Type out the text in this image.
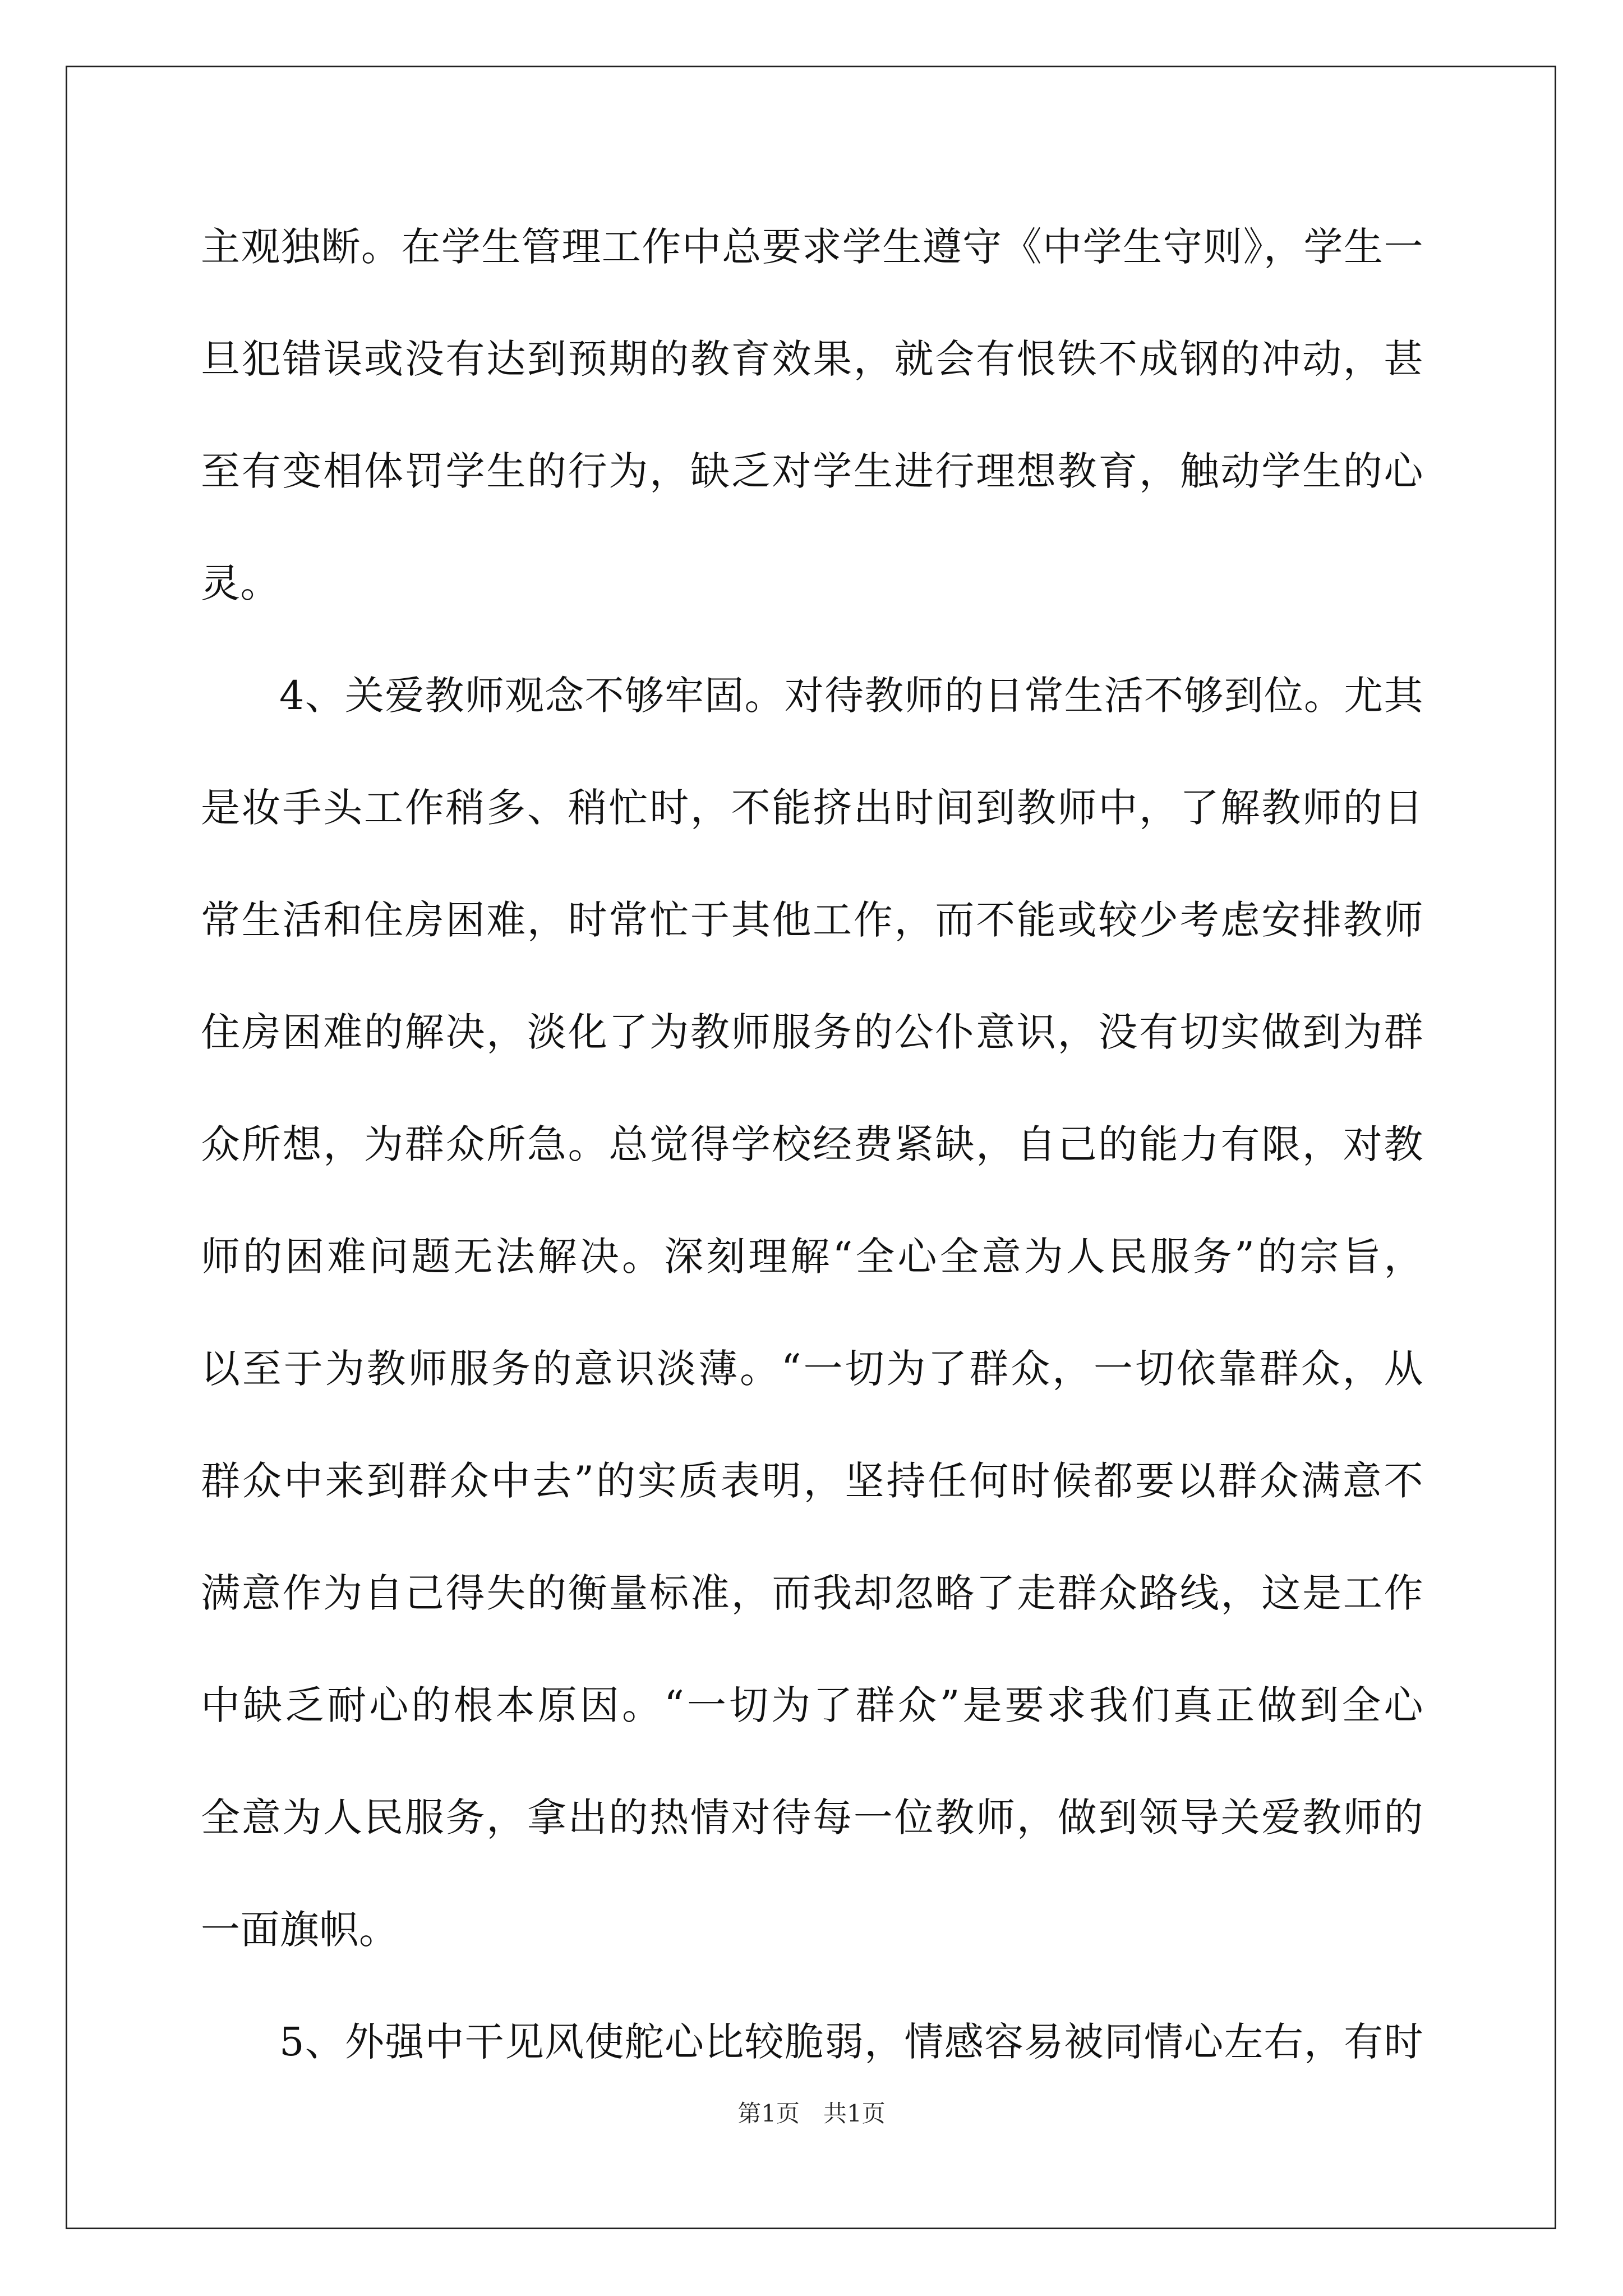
主观独断。在学生管理工作中总要求学生遵守《中学生守则》，学生一
旦犯错误或没有达到预期的教育效果，就会有恨铁不成钢的冲动，甚
至有变相体罚学生的行为，缺乏对学生进行理想教育，触动学生的心
灵。
4、关爱教师观念不够牢固。对待教师的日常生活不够到位。尤其
是妆手头工作稍多、稍忙时，不能挤出时间到教师中，了解教师的日
常生活和住房困难，时常忙于其他工作，而不能或较少考虑安排教师
住房困难的解决，淡化了为教师服务的公仆意识，没有切实做到为群
众所想，为群众所急。总觉得学校经费紧缺，自己的能力有限，对教
师的困难问题无法解决。深刻理解“全心全意为人民服务”的宗旨，
以至于为教师服务的意识淡薄。“一切为了群众，一切依靠群众，从
群众中来到群众中去”的实质表明，坚持任何时候都要以群众满意不
满意作为自己得失的衡量标准，而我却忽略了走群众路线，这是工作
中缺乏耐心的根本原因。“一切为了群众”是要求我们真正做到全心
全意为人民服务，拿出的热情对待每一位教师，做到领导关爱教师的
一面旗帜。
5、外强中干见风使舵心比较脆弱，情感容易被同情心左右，有时
第1页　共1页
